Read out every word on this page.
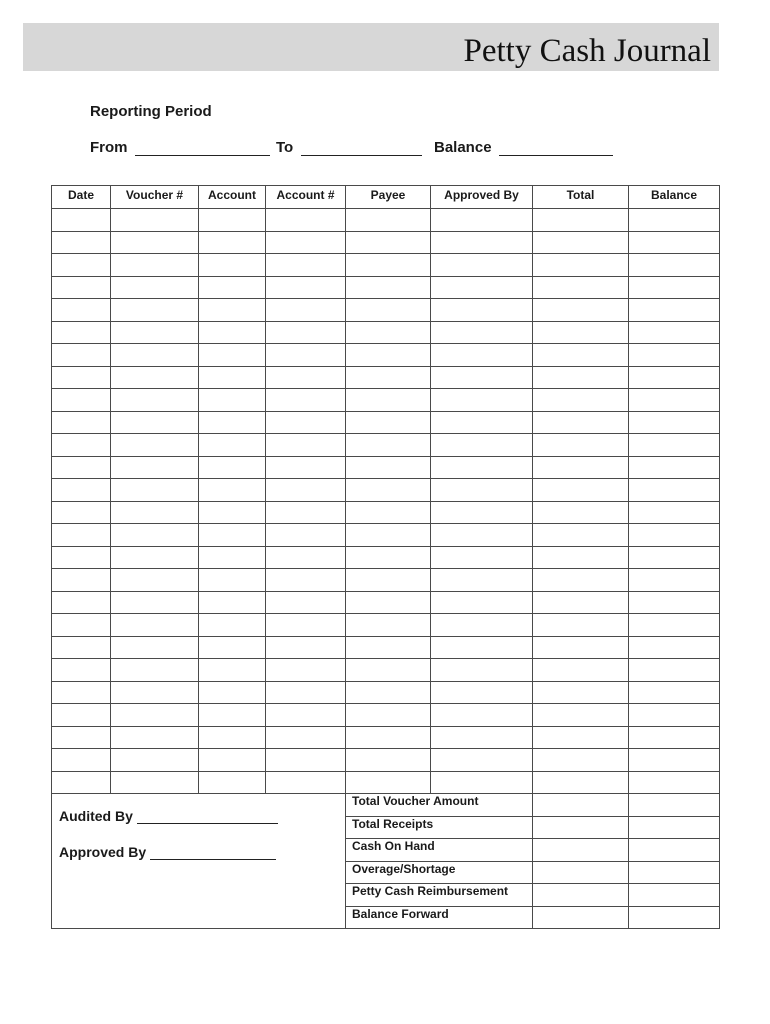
Petty Cash Journal
Reporting Period
From	To	Balance
Date	Voucher #	Account	Account #	Payee	Approved By	Total	Balance

Audited By
Approved By				Total Voucher Amount			
				Total Receipts			
				Cash On Hand			
				Overage/Shortage			
				Petty Cash Reimbursement			
				Balance Forward			
